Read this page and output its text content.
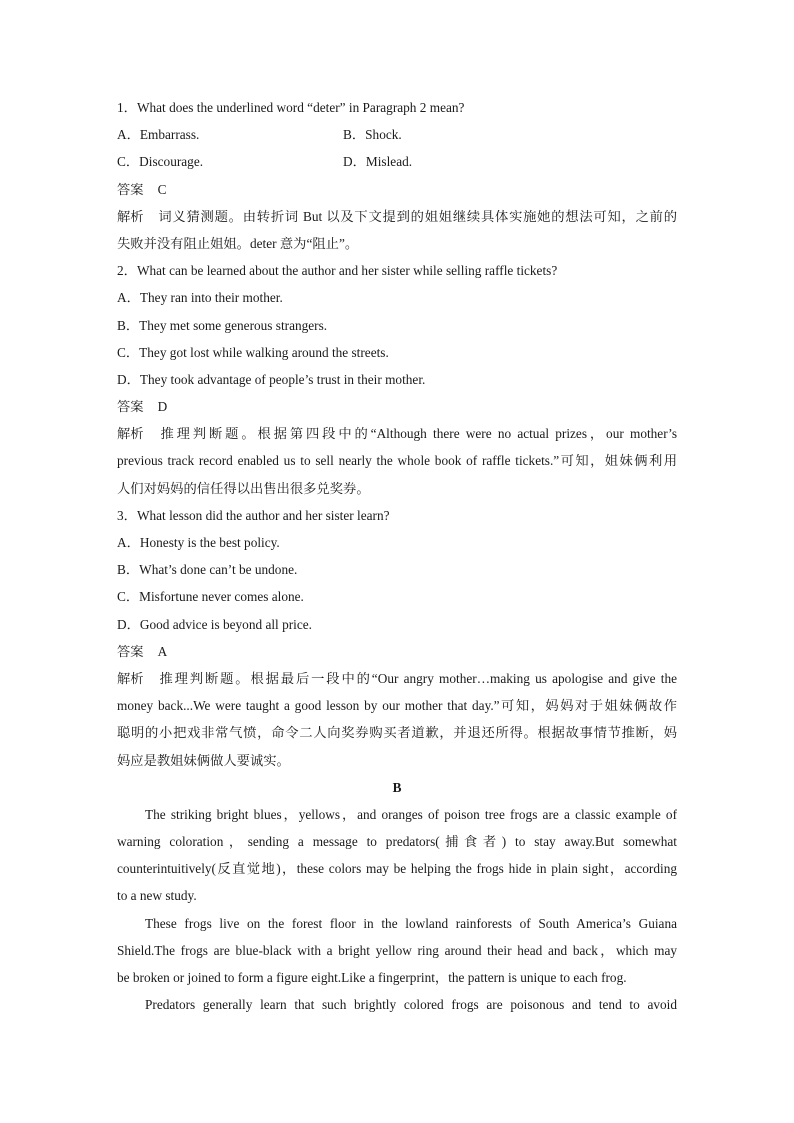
1．What does the underlined word “deter” in Paragraph 2 mean?
A．Embarrass.	B．Shock.
C．Discourage.	D．Mislead.
答案 C
解析 词义猜测题。由转折词 But 以及下文提到的姐姐继续具体实施她的想法可知，之前的
失败并没有阻止姐姐。deter 意为“阻止”。
2．What can be learned about the author and her sister while selling raffle tickets?
A．They ran into their mother.
B．They met some generous strangers.
C．They got lost while walking around the streets.
D．They took advantage of people’s trust in their mother.
答案 D
解析 推理判断题。根据第四段中的“Although there were no actual prizes，our mother’s
previous track record enabled us to sell nearly the whole book of raffle tickets.”可知，姐妹俩利用
人们对妈妈的信任得以出售出很多兑奖券。
3．What lesson did the author and her sister learn?
A．Honesty is the best policy.
B．What’s done can’t be undone.
C．Misfortune never comes alone.
D．Good advice is beyond all price.
答案 A
解析 推理判断题。根据最后一段中的“Our angry mother…making us apologise and give the
money back...We were taught a good lesson by our mother that day.”可知，妈妈对于姐妹俩故作
聪明的小把戏非常气愤，命令二人向奖券购买者道歉，并退还所得。根据故事情节推断，妈
妈应是教姐妹俩做人要诚实。
B
The striking bright blues，yellows，and oranges of poison tree frogs are a classic example of
warning coloration，sending a message to predators(捕食者) to stay away.But somewhat
counterintuitively(反直觉地)，these colors may be helping the frogs hide in plain sight，according
to a new study.
These frogs live on the forest floor in the lowland rainforests of South America’s Guiana
Shield.The frogs are blue-black with a bright yellow ring around their head and back，which may
be broken or joined to form a figure eight.Like a fingerprint，the pattern is unique to each frog.
Predators generally learn that such brightly colored frogs are poisonous and tend to avoid
